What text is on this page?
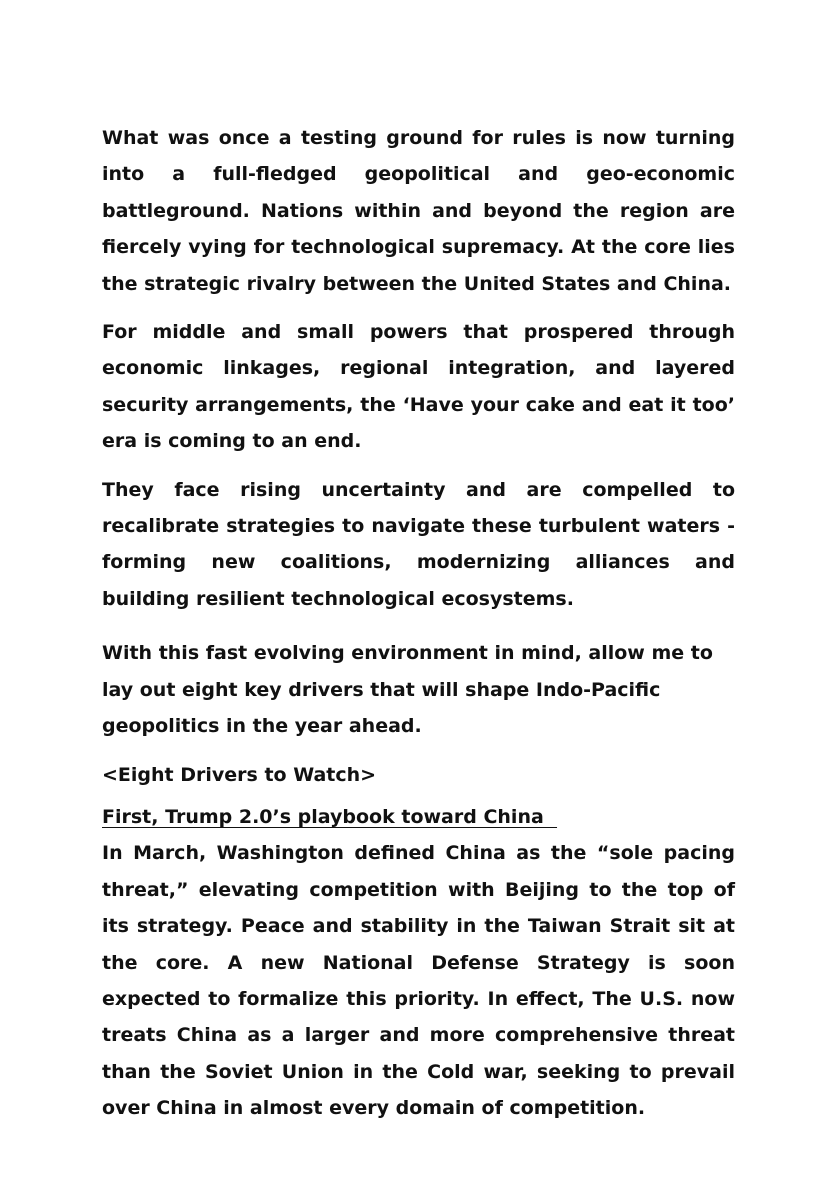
What was once a testing ground for rules is now turning into a full-fledged geopolitical and geo-economic battleground. Nations within and beyond the region are fiercely vying for technological supremacy. At the core lies the strategic rivalry between the United States and China.

For middle and small powers that prospered through economic linkages, regional integration, and layered security arrangements, the ‘Have your cake and eat it too’ era is coming to an end.

They face rising uncertainty and are compelled to recalibrate strategies to navigate these turbulent waters - forming new coalitions, modernizing alliances and building resilient technological ecosystems.

With this fast evolving environment in mind, allow me to lay out eight key drivers that will shape Indo-Pacific geopolitics in the year ahead.

<Eight Drivers to Watch>

First, Trump 2.0’s playbook toward China

In March, Washington defined China as the “sole pacing threat,” elevating competition with Beijing to the top of its strategy. Peace and stability in the Taiwan Strait sit at the core. A new National Defense Strategy is soon expected to formalize this priority. In effect, The U.S. now treats China as a larger and more comprehensive threat than the Soviet Union in the Cold war, seeking to prevail over China in almost every domain of competition.
